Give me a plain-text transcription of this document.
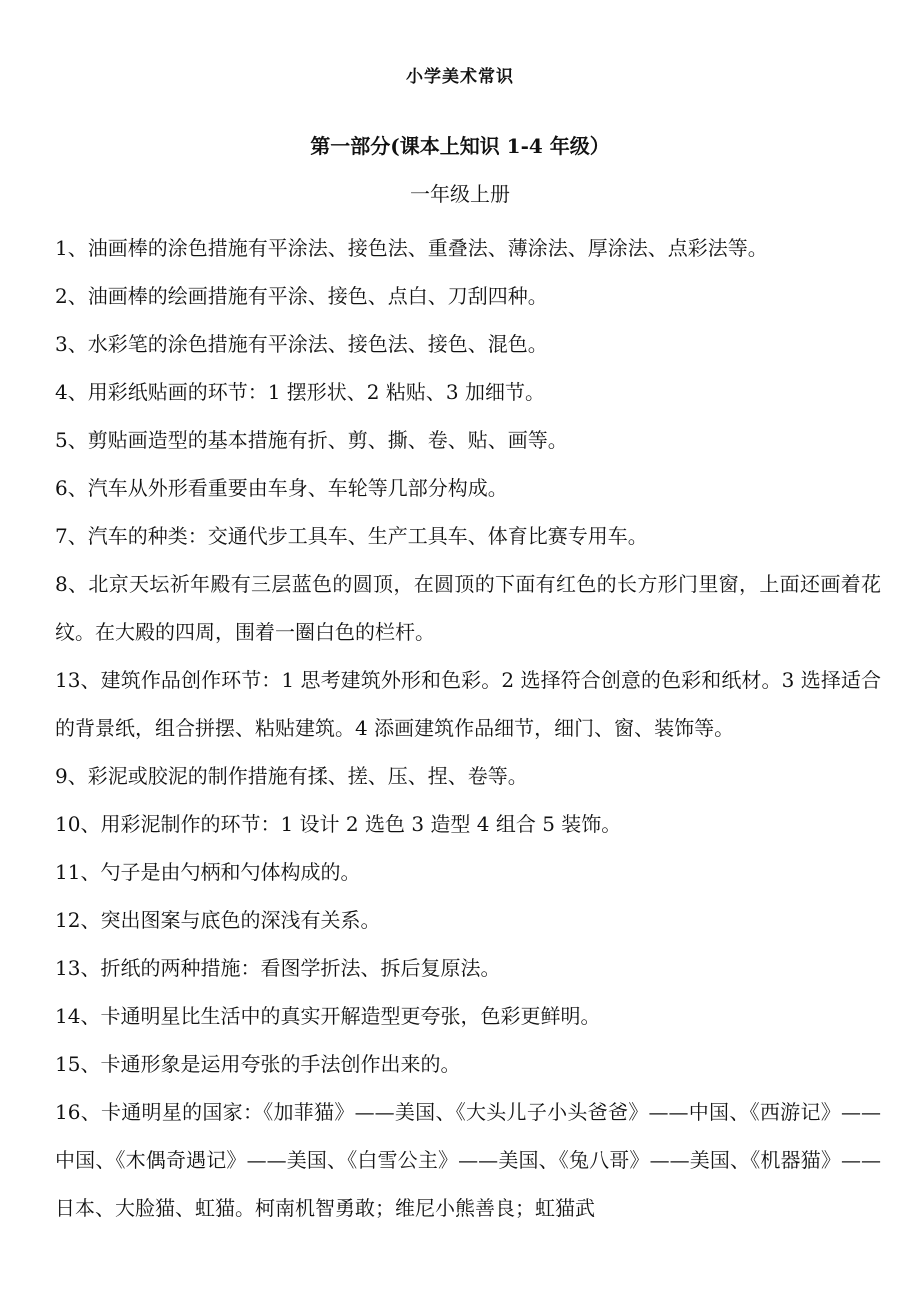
小学美术常识
第一部分(课本上知识 1-4 年级）
一年级上册

1、油画棒的涂色措施有平涂法、接色法、重叠法、薄涂法、厚涂法、点彩法等。

2、油画棒的绘画措施有平涂、接色、点白、刀刮四种。

3、水彩笔的涂色措施有平涂法、接色法、接色、混色。

4、用彩纸贴画的环节：1 摆形状、2 粘贴、3 加细节。

5、剪贴画造型的基本措施有折、剪、撕、卷、贴、画等。

6、汽车从外形看重要由车身、车轮等几部分构成。

7、汽车的种类：交通代步工具车、生产工具车、体育比赛专用车。

8、北京天坛祈年殿有三层蓝色的圆顶，在圆顶的下面有红色的长方形门里窗，上面还画着花纹。在大殿的四周，围着一圈白色的栏杆。

13、建筑作品创作环节：1 思考建筑外形和色彩。2 选择符合创意的色彩和纸材。3 选择适合的背景纸，组合拼摆、粘贴建筑。4 添画建筑作品细节，细门、窗、装饰等。

9、彩泥或胶泥的制作措施有揉、搓、压、捏、卷等。

10、用彩泥制作的环节：1 设计 2 选色 3 造型 4 组合 5 装饰。

11、勺子是由勺柄和勺体构成的。

12、突出图案与底色的深浅有关系。

13、折纸的两种措施：看图学折法、拆后复原法。

14、卡通明星比生活中的真实开解造型更夸张，色彩更鲜明。

15、卡通形象是运用夸张的手法创作出来的。

16、卡通明星的国家：《加菲猫》——美国、《大头儿子小头爸爸》——中国、《西游记》——中国、《木偶奇遇记》——美国、《白雪公主》——美国、《兔八哥》——美国、《机器猫》——日本、大脸猫、虹猫。柯南机智勇敢；维尼小熊善良；虹猫武
